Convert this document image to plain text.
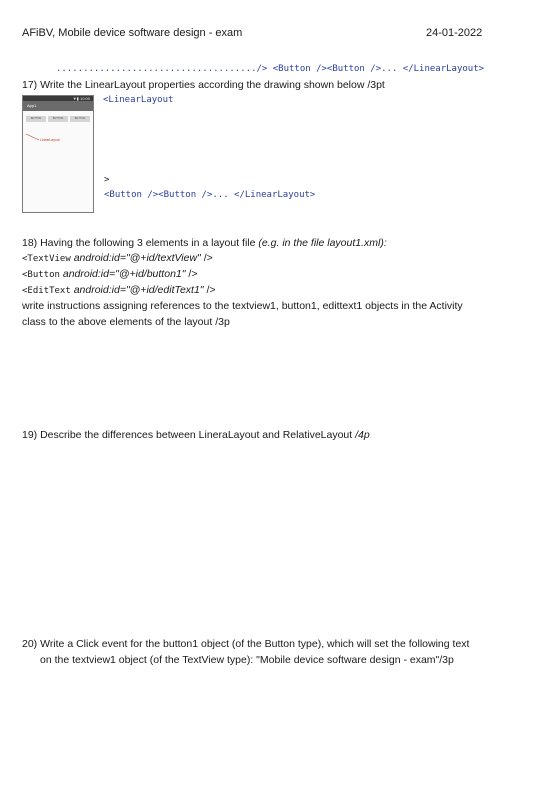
AFiBV, Mobile device software design - exam	24-01-2022
...................................../> <Button /><Button />... </LinearLayout>
17) Write the LinearLayout properties according the drawing shown below /3pt
<LinearLayout
▼▮ 10:00
App1
BUTTON	BUTTON	BUTTON
LinearLayout
>
<Button /><Button />... </LinearLayout>
18) Having the following 3 elements in a layout file (e.g. in the file layout1.xml):
<TextView android:id="@+id/textView" />
<Button android:id="@+id/button1" />
<EditText android:id="@+id/editText1" />
write instructions assigning references to the textview1, button1, edittext1 objects in the Activity
class to the above elements of the layout /3p
19) Describe the differences between LineraLayout and RelativeLayout /4p
20) Write a Click event for the button1 object (of the Button type), which will set the following text
on the textview1 object (of the TextView type): "Mobile device software design - exam"/3p
